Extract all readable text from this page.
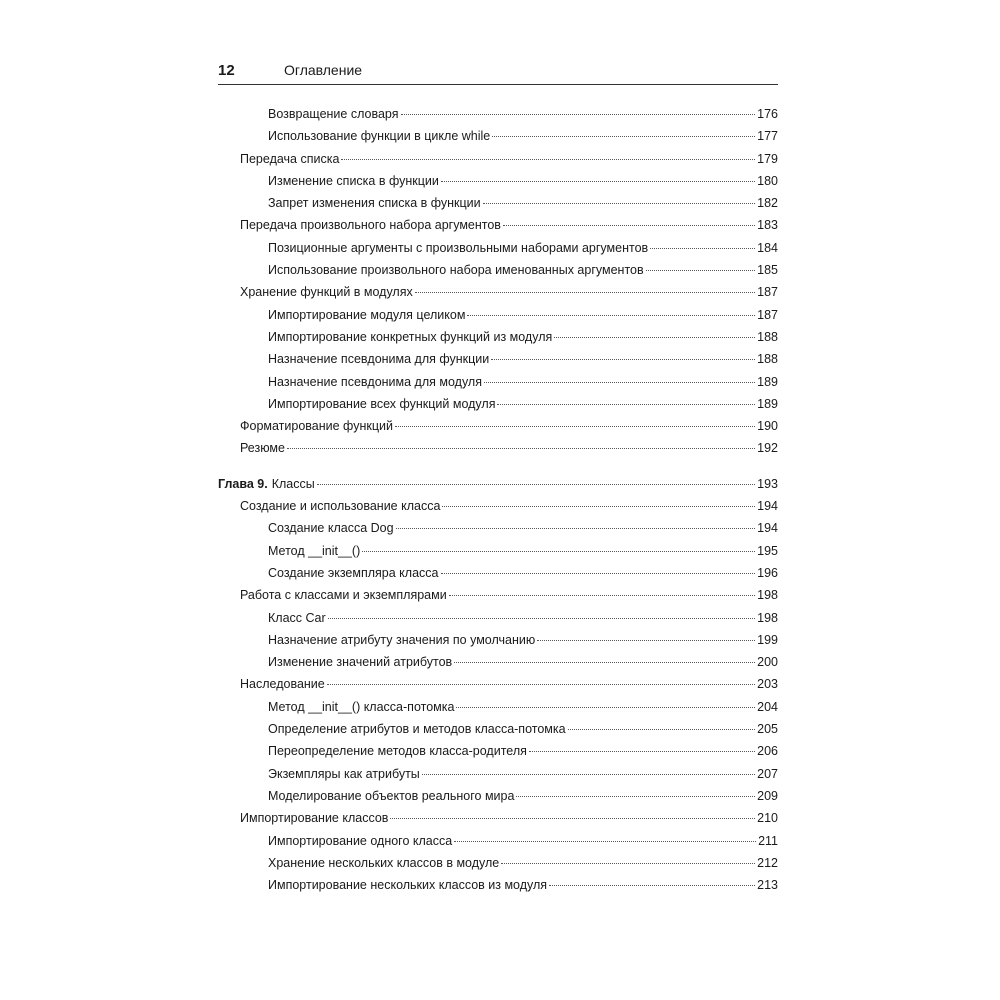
12	Оглавление
Возвращение словаря	176
Использование функции в цикле while	177
Передача списка	179
Изменение списка в функции	180
Запрет изменения списка в функции	182
Передача произвольного набора аргументов	183
Позиционные аргументы с произвольными наборами аргументов	184
Использование произвольного набора именованных аргументов	185
Хранение функций в модулях	187
Импортирование модуля целиком	187
Импортирование конкретных функций из модуля	188
Назначение псевдонима для функции	188
Назначение псевдонима для модуля	189
Импортирование всех функций модуля	189
Форматирование функций	190
Резюме	192
Глава 9. Классы	193
Создание и использование класса	194
Создание класса Dog	194
Метод __init__()	195
Создание экземпляра класса	196
Работа с классами и экземплярами	198
Класс Car	198
Назначение атрибуту значения по умолчанию	199
Изменение значений атрибутов	200
Наследование	203
Метод __init__() класса-потомка	204
Определение атрибутов и методов класса-потомка	205
Переопределение методов класса-родителя	206
Экземпляры как атрибуты	207
Моделирование объектов реального мира	209
Импортирование классов	210
Импортирование одного класса	211
Хранение нескольких классов в модуле	212
Импортирование нескольких классов из модуля	213
